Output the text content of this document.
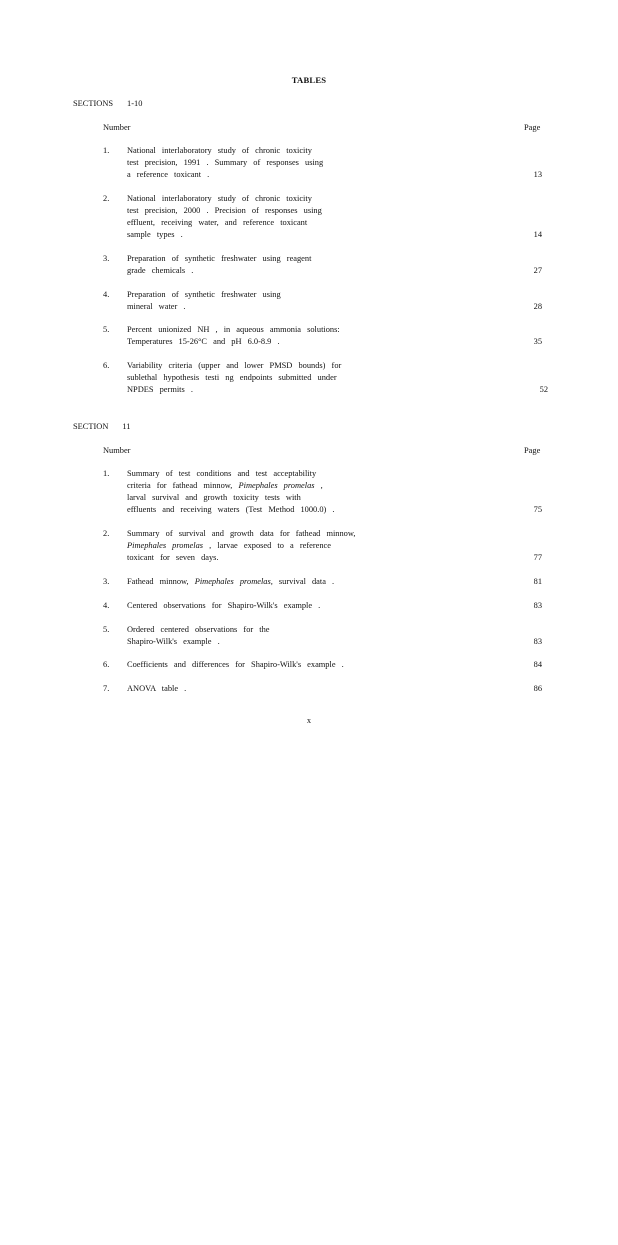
TABLES
SECTIONS 1-10
Number	Page
1. National interlaboratory study of chronic toxicity
test precision, 1991 . Summary of responses using
a reference toxicant .	13
2. National interlaboratory study of chronic toxicity
test precision, 2000 . Precision of responses using
effluent, receiving water, and reference toxicant
sample types .	14
3. Preparation of synthetic freshwater using reagent
grade chemicals .	27
4. Preparation of synthetic freshwater using
mineral water .	28
5. Percent unionized NH , in aqueous ammonia solutions:
Temperatures 15-26°C and pH 6.0-8.9 .	35
6. Variability criteria (upper and lower PMSD bounds) for
sublethal hypothesis testi ng endpoints submitted under
NPDES permits .	52
SECTION 11
Number	Page
1. Summary of test conditions and test acceptability
criteria for fathead minnow, Pimephales promelas ,
larval survival and growth toxicity tests with
effluents and receiving waters (Test Method 1000.0) .	75
2. Summary of survival and growth data for fathead minnow,
Pimephales promelas , larvae exposed to a reference
toxicant for seven days.	77
3. Fathead minnow, Pimephales promelas, survival data .	81
4. Centered observations for Shapiro-Wilk's example .	83
5. Ordered centered observations for the
Shapiro-Wilk's example .	83
6. Coefficients and differences for Shapiro-Wilk's example .	84
7. ANOVA table .	86
x
